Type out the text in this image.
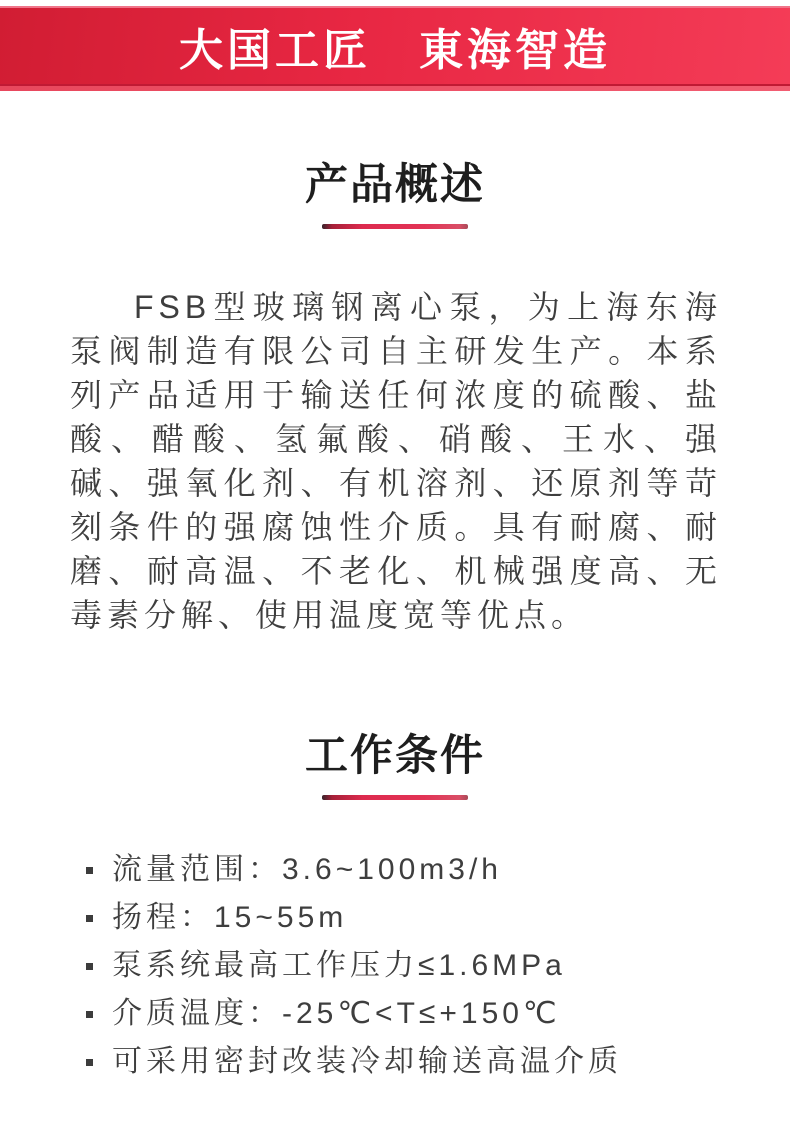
大国工匠　東海智造
产品概述

FSB型玻璃钢离心泵，为上海东海泵阀制造有限公司自主研发生产。本系列产品适用于输送任何浓度的硫酸、盐酸、醋酸、氢氟酸、硝酸、王水、强碱、强氧化剂、有机溶剂、还原剂等苛刻条件的强腐蚀性介质。具有耐腐、耐磨、耐高温、不老化、机械强度高、无毒素分解、使用温度宽等优点。

工作条件
流量范围：3.6~100m3/h
扬程：15~55m
泵系统最高工作压力≤1.6MPa
介质温度：-25℃<T≤+150℃
可采用密封改装冷却输送高温介质
